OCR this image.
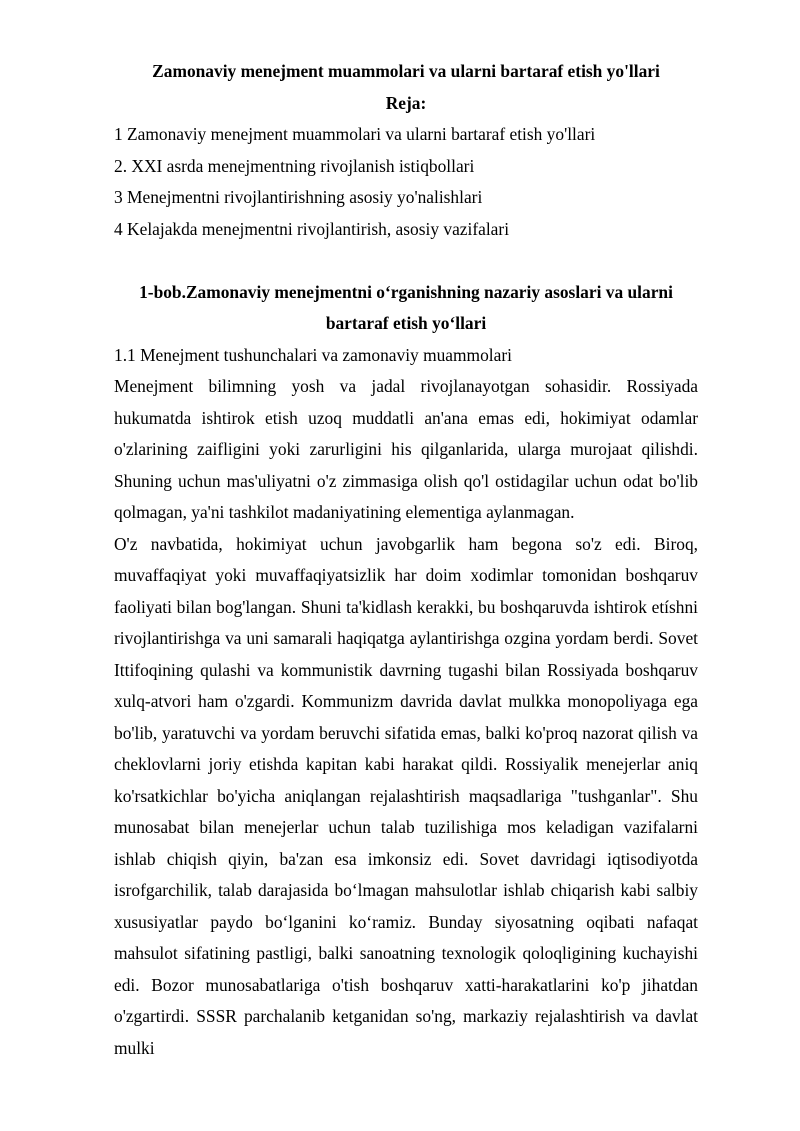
Zamonaviy menejment muammolari va ularni bartaraf etish yo'llari

Reja:

1 Zamonaviy menejment muammolari va ularni bartaraf etish yo'llari
2. XXI asrda menejmentning rivojlanish istiqbollari
3 Menejmentni rivojlantirishning asosiy yo'nalishlari
4 Kelajakda menejmentni rivojlantirish, asosiy vazifalari

1-bob.Zamonaviy menejmentni o‘rganishning nazariy asoslari va ularni bartaraf etish yo‘llari

1.1 Menejment tushunchalari va zamonaviy muammolari

Menejment bilimning yosh va jadal rivojlanayotgan sohasidir. Rossiyada hukumatda ishtirok etish uzoq muddatli an'ana emas edi, hokimiyat odamlar o'zlarining zaifligini yoki zarurligini his qilganlarida, ularga murojaat qilishdi. Shuning uchun mas'uliyatni o'z zimmasiga olish qo'l ostidagilar uchun odat bo'lib qolmagan, ya'ni tashkilot madaniyatining elementiga aylanmagan.

O'z navbatida, hokimiyat uchun javobgarlik ham begona so'z edi. Biroq, muvaffaqiyat yoki muvaffaqiyatsizlik har doim xodimlar tomonidan boshqaruv faoliyati bilan bog'langan. Shuni ta'kidlash kerakki, bu boshqaruvda ishtirok etíshni rivojlantirishga va uni samarali haqiqatga aylantirishga ozgina yordam berdi. Sovet Ittifoqining qulashi va kommunistik davrning tugashi bilan Rossiyada boshqaruv xulq-atvori ham o'zgardi. Kommunizm davrida davlat mulkka monopoliyaga ega bo'lib, yaratuvchi va yordam beruvchi sifatida emas, balki ko'proq nazorat qilish va cheklovlarni joriy etishda kapitan kabi harakat qildi. Rossiyalik menejerlar aniq ko'rsatkichlar bo'yicha aniqlangan rejalashtirish maqsadlariga "tushganlar". Shu munosabat bilan menejerlar uchun talab tuzilishiga mos keladigan vazifalarni ishlab chiqish qiyin, ba'zan esa imkonsiz edi. Sovet davridagi iqtisodiyotda isrofgarchilik, talab darajasida bo‘lmagan mahsulotlar ishlab chiqarish kabi salbiy xususiyatlar paydo bo‘lganini ko‘ramiz. Bunday siyosatning oqibati nafaqat mahsulot sifatining pastligi, balki sanoatning texnologik qoloqligining kuchayishi edi. Bozor munosabatlariga o'tish boshqaruv xatti-harakatlarini ko'p jihatdan o'zgartirdi. SSSR parchalanib ketganidan so'ng, markaziy rejalashtirish va davlat mulki
